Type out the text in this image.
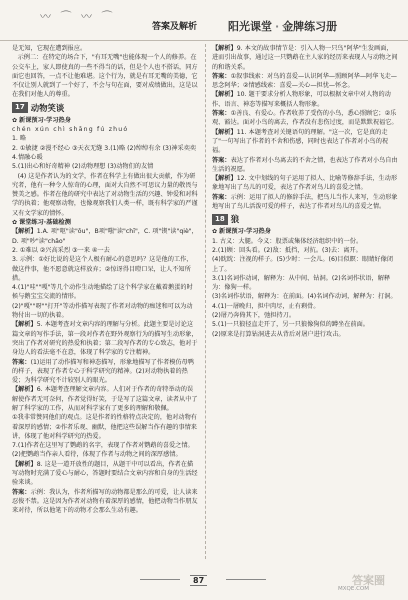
〰 ⌒ 〰 ⌒
答案及解析	阳光课堂 · 金牌练习册

是无知，它现在遭到报应。

示例二：在特定的场合下，"有耳无嘴"也能体现一个人的修养。在公交车上，家人即使真的一些不得当的话，但是个人也不搭话，同方面它也回答，一点不让他难堪。这个行为，就是有耳无嘴的美德，它不仅让别人就到了一个好了，不会与句在面，要对成绩做出，这是以在我们对他人的尊重。

17 动物笑谈

✿ 新课预习·学习热身

chén xún chì shāng fú zhuó

1. 略

2. ①敏捷 ②漫不经心 ③天衣无缝 3.(1)略 (2)绰绰有余 (3)神采奕奕

4.情融心暖

5.(1)出心和好奇精神 (2)动物理想 (3)动物们的友情

(4) 这是作者认为的文学，作者在科学上有做出很大贡献，作为研究者，他有一种令人惊奇的心理，面对大自然不可思议力量的敬畏与赞美之感。作者在他的研究中表达了对动物生活的兴趣、钟爱和对科学的执着；他观察动物，也像观察我们人类一样，既有科学家的严谨又有文学家的情怀。

✿ 课堂练习·基础检测

【解析】1.A. 项"呕"读"ōu"，B项"嗤"读"chī"，C. 项"锲"读"qiè"，D. 项"吵"读"chǎo"

2. ①难以 ②兴高采烈 ③一来 ④一去

3. 示例：①好比说的是这个人极有耐心的意思吗？这是他的工作，做这件事，他不愿意就这样放弃；②惊讶得目瞪口呆，让人不知所措。

4.(1)"哇""嘎"等几个动作生动地描绘了这个科学家在戴着鹅蛋的时候与鹅宝宝交流的情形。

(2)"嘎""呀""打开"等动作描写表现了作者对动物的痴迷和可以为动物付出一切的执着。

【解析】5. 本题考查对文章内容的理解与分析。此题主要是讨论这篇文章的写作手法，第一段对作者在野外观察行为的描写生动形象，突出了作者对研究的热爱和执着；第二段写作者的专心致志，他对于身边人的看法毫不在意，体现了科学家的专注精神。

答案：(1)运用了动作描写和神态描写，形象地描写了作者模仿母鸭的样子，表现了作者专心于科学研究的精神。(2)对动物执着的热爱；为科学研究不计较别人的眼光。

【解析】6. 本题考查理解文章内容。人们对于作者的奇特举动的误解使作者无可奈何，作者觉得好笑，于是写了这篇文章，读者从中了解了科学家的工作，从而对科学家有了更多的理解和敬佩。

①我非常赞同他们的观点。这是作者的性格特点决定的，他对动物有着深厚的感情；②作者乐观、幽默，他把这些误解当作有趣的事情来讲，体现了他对科学研究的热爱。

7.(1)作者在这里写了鹦鹉的名字，表现了作者对鹦鹉的喜爱之情。(2)把鹦鹉当作亲人看待，体现了作者与动物之间的深厚感情。

【解析】8. 这是一道开放性的题目，从题干中可以看出，作者在描写动物时充满了爱心与耐心，答题时要结合文章内容和自身的生活经验来谈。

答案：示例：我认为，作者所描写的动物都是那么的可爱，让人读来忍俊不禁。这是因为作者对动物有着深厚的感情，他把动物当作朋友来对待，所以他笔下的动物才会那么生动有趣。

【解析】9. 本文的故事情节是：引入人物一只鸟"阿华"生发画面，进而引出故事，通过这一只鹦鹉在主人家的经历来表现人与动物之间的和谐关系。

答案：①叙事线索：对鸟的喜爱—认识阿华—照顾阿华—阿华飞走—思念阿华；②情感线索：喜爱—关心—担忧—怀念。

【解析】10. 题干要求分析人物形象，可以根据文章中对人物的动作、语言、神态等描写来概括人物形象。

答案：①善良、有爱心。作者收养了受伤的小鸟，悉心照顾它；②乐观、豁达。面对小鸟的离去，作者没有悲伤过度，而是默默祝福它。

【解析】11. 本题考查对关键语句的理解。"这一次，它是真的走了"一句写出了作者的不舍和伤感，同时也表达了作者对小鸟的祝福。

答案：表达了作者对小鸟离去的不舍之情，也表达了作者对小鸟自由生活的祝愿。

【解析】12. 文中划线的句子运用了拟人、比喻等修辞手法，生动形象地写出了鸟儿的可爱，表达了作者对鸟儿的喜爱之情。

答案：示例：运用了拟人的修辞手法，把鸟儿当作人来写，生动形象地写出了鸟儿活泼可爱的样子，表达了作者对鸟儿的喜爱之情。

18 狼

✿ 新课预习·学习热身

1. 古义：大腿。今义：股票或集体经济组织中的一份。

2.(1)顾：回头看。(2)敌：抵挡，对抗。(3)去：离开。

(4)眈眈：注视的样子。(5)少时：一会儿。(6)目似瞑：眼睛好像闭上了。

3.(1)名词作动词，解释为：从中间、钻洞。(2)名词作状语，解释为：像狗一样。

(3)名词作状语，解释为：在前面。(4)名词作动词，解释为：打洞。

4.(1)一屠晚归，担中肉尽，止有剩骨。

(2)屠乃奔倚其下，弛担持刀。

5.(1)一只狼径直走开了，另一只狼像狗似的蹲坐在前面。

(2)原来是打算钻洞进去从背后对屠户进行攻击。

87	答案圈
MXQE.COM
